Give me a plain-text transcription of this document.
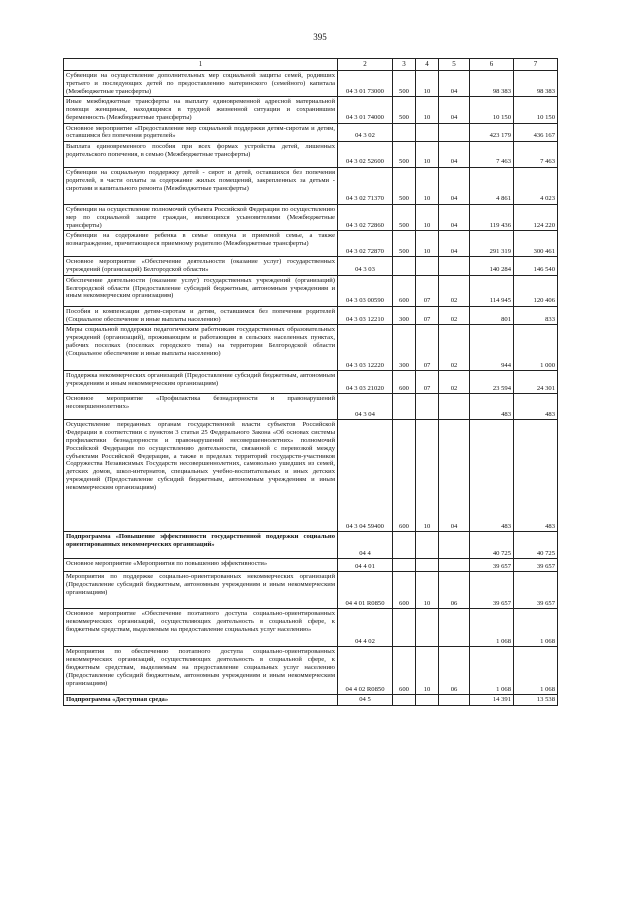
395
1	2	3	4	5	6	7
Субвенции на осуществление дополнительных мер социальной защиты семей, родивших третьего и последующих детей по предоставлению материнского (семейного) капитала (Межбюджетные трансферты)	04 3 01 73000	500	10	04	98 383	98 383
Иные межбюджетные трансферты на выплату единовременной адресной материальной помощи женщинам, находящимся в трудной жизненной ситуации и сохранившим беременность (Межбюджетные трансферты)	04 3 01 74000	500	10	04	10 150	10 150
Основное мероприятие «Предоставление мер социальной поддержки детям-сиротам и детям, оставшимся без попечения родителей»	04 3 02				423 179	436 167
Выплата единовременного пособия при всех формах устройства детей, лишенных родительского попечения, в семью (Межбюджетные трансферты)	04 3 02 52600	500	10	04	7 463	7 463
Субвенции на социальную поддержку детей - сирот и детей, оставшихся без попечения родителей, в части оплаты за содержание жилых помещений, закрепленных за детьми - сиротами и капитального ремонта (Межбюджетные трансферты)	04 3 02 71370	500	10	04	4 861	4 023
Субвенции на осуществление полномочий субъекта Российской Федерации по осуществлению мер по социальной защите граждан, являющихся усыновителями (Межбюджетные трансферты)	04 3 02 72860	500	10	04	119 436	124 220
Субвенции на содержание ребенка в семье опекуна и приемной семье, а также вознаграждение, причитающееся приемному родителю (Межбюджетные трансферты)	04 3 02 72870	500	10	04	291 319	300 461
Основное мероприятие «Обеспечение деятельности (оказание услуг) государственных учреждений (организаций) Белгородской области»	04 3 03				140 284	146 540
Обеспечение деятельности (оказание услуг) государственных учреждений (организаций) Белгородской области (Предоставление субсидий бюджетным, автономным учреждениям и иным некоммерческим организациям)	04 3 03 00590	600	07	02	114 945	120 406
Пособия и компенсации детям-сиротам и детям, оставшимся без попечения родителей (Социальное обеспечение и иные выплаты населению)	04 3 03 12210	300	07	02	801	833
Меры социальной поддержки педагогическим работникам государственных образовательных учреждений (организаций), проживающим и работающим в сельских населенных пунктах, рабочих поселках (поселках городского типа) на территории Белгородской области (Социальное обеспечение и иные выплаты населению)	04 3 03 12220	300	07	02	944	1 000
Поддержка некоммерческих организаций (Предоставление субсидий бюджетным, автономным учреждениям и иным некоммерческим организациям)	04 3 03 21020	600	07	02	23 594	24 301
Основное мероприятие «Профилактика безнадзорности и правонарушений несовершеннолетних»	04 3 04				483	483
Осуществление переданных органам государственной власти субъектов Российской Федерации в соответствии с пунктом 3 статьи 25 Федерального Закона «Об основах системы профилактики безнадзорности и правонарушений несовершеннолетних» полномочий Российской Федерации по осуществлению деятельности, связанной с перевозкой между субъектами Российской Федерации, а также в пределах территорий государств-участников Содружества Независимых Государств несовершеннолетних, самовольно ушедших из семей, детских домов, школ-интернатов, специальных учебно-воспитательных и иных детских учреждений (Предоставление субсидий бюджетным, автономным учреждениям и иным некоммерческим организациям)	04 3 04 59400	600	10	04	483	483
Подпрограмма «Повышение эффективности государственной поддержки социально ориентированных некоммерческих организаций»	04 4				40 725	40 725
Основное мероприятие «Мероприятия по повышению эффективности»	04 4 01				39 657	39 657
Мероприятия по поддержке социально-ориентированных некоммерческих организаций (Предоставление субсидий бюджетным, автономным учреждениям и иным некоммерческим организациям)	04 4 01 R0850	600	10	06	39 657	39 657
Основное мероприятие «Обеспечение поэтапного доступа социально-ориентированных некоммерческих организаций, осуществляющих деятельность в социальной сфере, к бюджетным средствам, выделяемым на предоставление социальных услуг населению»	04 4 02				1 068	1 068
Мероприятия по обеспечению поэтапного доступа социально-ориентированных некоммерческих организаций, осуществляющих деятельность в социальной сфере, к бюджетным средствам, выделяемым на предоставление социальных услуг населению (Предоставление субсидий бюджетным, автономным учреждениям и иным некоммерческим организациям)	04 4 02 R0850	600	10	06	1 068	1 068
Подпрограмма «Доступная среда»	04 5				14 391	13 538
